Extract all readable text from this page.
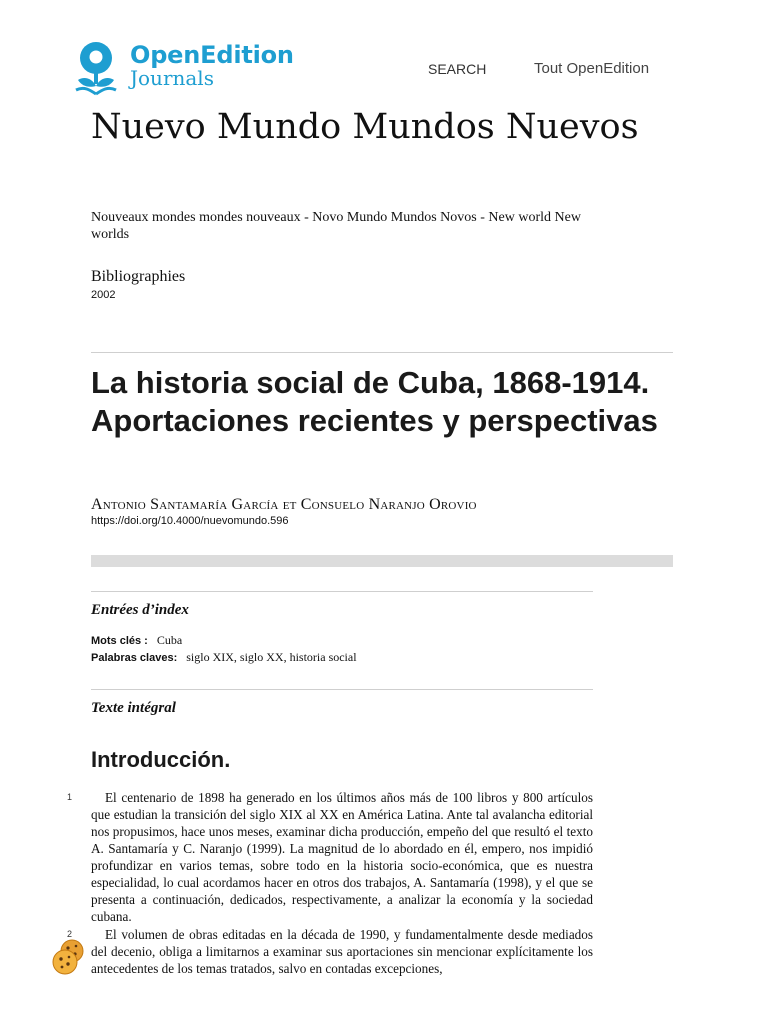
OpenEdition
Journals	SEARCH	Tout OpenEdition
Nuevo Mundo Mundos Nuevos
Nouveaux mondes mondes nouveaux - Novo Mundo Mundos Novos - New world New worlds
Bibliographies
2002
La historia social de Cuba, 1868-1914. Aportaciones recientes y perspectivas
Antonio Santamaría García et Consuelo Naranjo Orovio
https://doi.org/10.4000/nuevomundo.596
Entrées d’index
Mots clés : Cuba
Palabras claves: siglo XIX, siglo XX, historia social
Texte intégral
Introducción.
1	El centenario de 1898 ha generado en los últimos años más de 100 libros y 800 artículos que estudian la transición del siglo XIX al XX en América Latina. Ante tal avalancha editorial nos propusimos, hace unos meses, examinar dicha producción, empeño del que resultó el texto A. Santamaría y C. Naranjo (1999). La magnitud de lo abordado en él, empero, nos impidió profundizar en varios temas, sobre todo en la historia socio-económica, que es nuestra especialidad, lo cual acordamos hacer en otros dos trabajos, A. Santamaría (1998), y el que se presenta a continuación, dedicados, respectivamente, a analizar la economía y la sociedad cubana.

2	El volumen de obras editadas en la década de 1990, y fundamentalmente desde mediados del decenio, obliga a limitarnos a examinar sus aportaciones sin mencionar explícitamente los antecedentes de los temas tratados, salvo en contadas excepciones,
